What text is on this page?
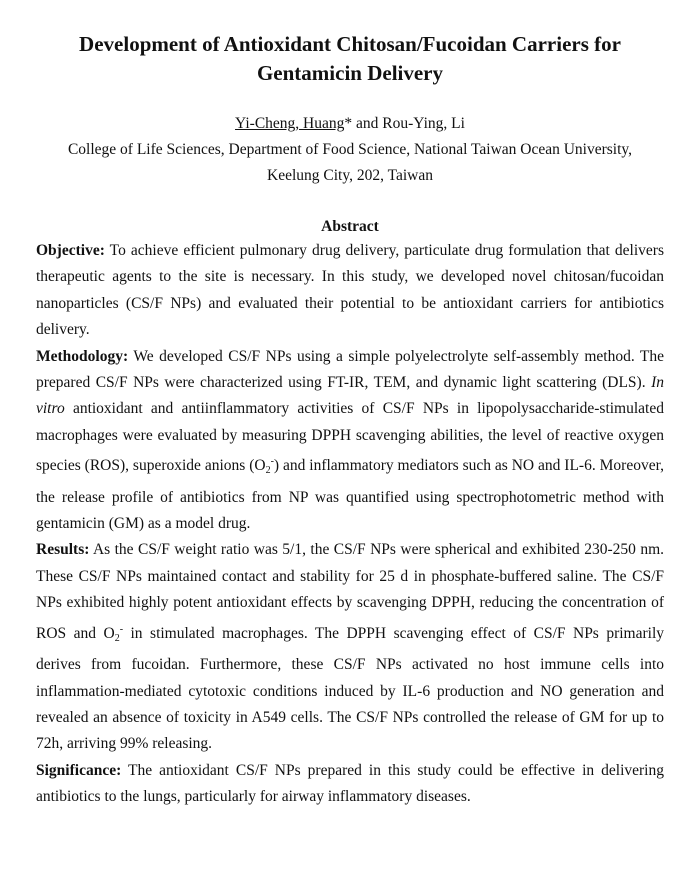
Development of Antioxidant Chitosan/Fucoidan Carriers for Gentamicin Delivery
Yi-Cheng, Huang* and Rou-Ying, Li
College of Life Sciences, Department of Food Science, National Taiwan Ocean University, Keelung City, 202, Taiwan
Abstract

Objective: To achieve efficient pulmonary drug delivery, particulate drug formulation that delivers therapeutic agents to the site is necessary. In this study, we developed novel chitosan/fucoidan nanoparticles (CS/F NPs) and evaluated their potential to be antioxidant carriers for antibiotics delivery.

Methodology: We developed CS/F NPs using a simple polyelectrolyte self-assembly method. The prepared CS/F NPs were characterized using FT-IR, TEM, and dynamic light scattering (DLS). In vitro antioxidant and antiinflammatory activities of CS/F NPs in lipopolysaccharide-stimulated macrophages were evaluated by measuring DPPH scavenging abilities, the level of reactive oxygen species (ROS), superoxide anions $(O_2^-)$ and inflammatory mediators such as NO and IL-6. Moreover, the release profile of antibiotics from NP was quantified using spectrophotometric method with gentamicin (GM) as a model drug.

Results: As the CS/F weight ratio was 5/1, the CS/F NPs were spherical and exhibited 230-250 nm. These CS/F NPs maintained contact and stability for 25 d in phosphate-buffered saline. The CS/F NPs exhibited highly potent antioxidant effects by scavenging DPPH, reducing the concentration of ROS and $O_2^-$ in stimulated macrophages. The DPPH scavenging effect of CS/F NPs primarily derives from fucoidan. Furthermore, these CS/F NPs activated no host immune cells into inflammation-mediated cytotoxic conditions induced by IL-6 production and NO generation and revealed an absence of toxicity in A549 cells. The CS/F NPs controlled the release of GM for up to 72h, arriving 99% releasing.

Significance: The antioxidant CS/F NPs prepared in this study could be effective in delivering antibiotics to the lungs, particularly for airway inflammatory diseases.
